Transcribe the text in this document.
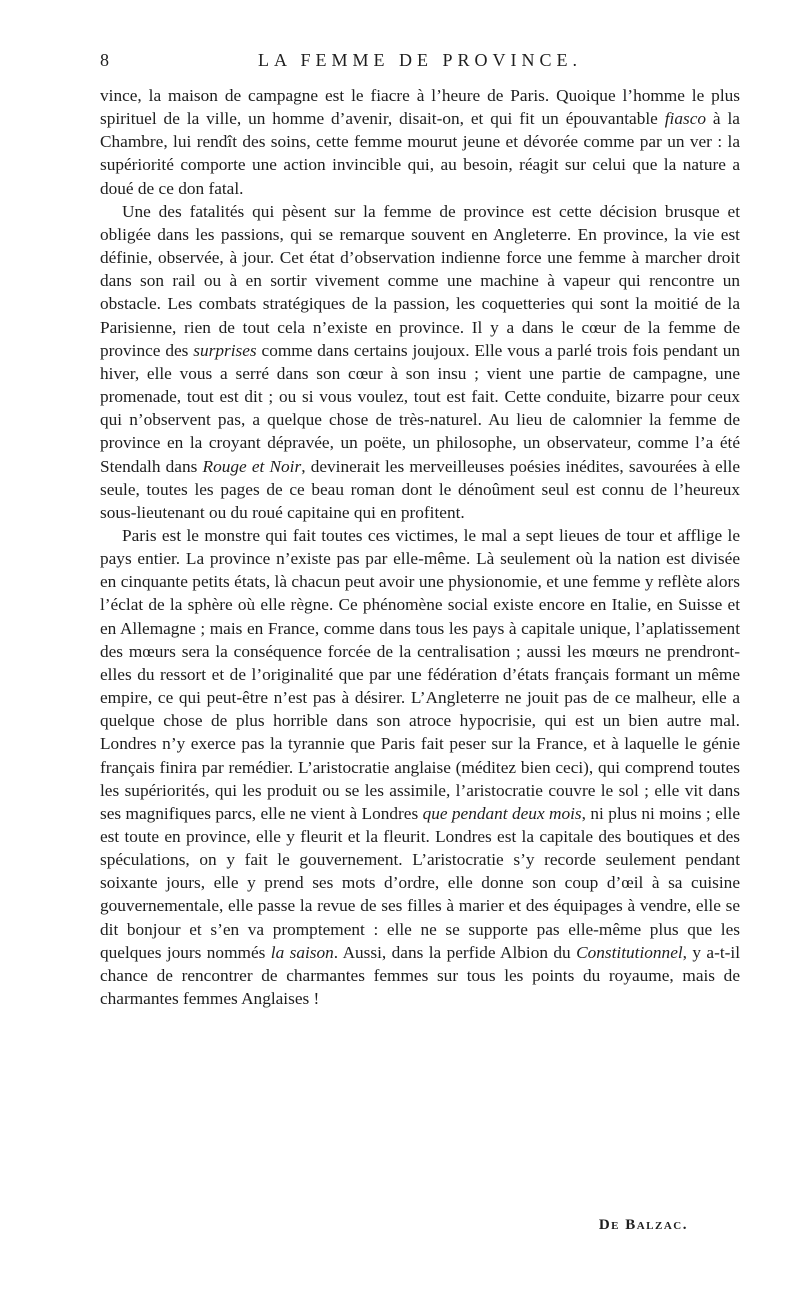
8	LA FEMME DE PROVINCE.

vince, la maison de campagne est le fiacre à l’heure de Paris. Quoique l’homme le plus spirituel de la ville, un homme d’avenir, disait-on, et qui fit un épouvantable fiasco à la Chambre, lui rendît des soins, cette femme mourut jeune et dévorée comme par un ver : la supériorité comporte une action invincible qui, au besoin, réagit sur celui que la nature a doué de ce don fatal.

Une des fatalités qui pèsent sur la femme de province est cette décision brusque et obligée dans les passions, qui se remarque souvent en Angleterre. En province, la vie est définie, observée, à jour. Cet état d’observation indienne force une femme à marcher droit dans son rail ou à en sortir vivement comme une machine à vapeur qui rencontre un obstacle. Les combats stratégiques de la passion, les coquetteries qui sont la moitié de la Parisienne, rien de tout cela n’existe en province. Il y a dans le cœur de la femme de province des surprises comme dans certains joujoux. Elle vous a parlé trois fois pendant un hiver, elle vous a serré dans son cœur à son insu ; vient une partie de campagne, une promenade, tout est dit ; ou si vous voulez, tout est fait. Cette conduite, bizarre pour ceux qui n’observent pas, a quelque chose de très-naturel. Au lieu de calomnier la femme de province en la croyant dépravée, un poëte, un philosophe, un observateur, comme l’a été Stendalh dans Rouge et Noir, devinerait les merveilleuses poésies inédites, savourées à elle seule, toutes les pages de ce beau roman dont le dénoûment seul est connu de l’heureux sous-lieutenant ou du roué capitaine qui en profitent.

Paris est le monstre qui fait toutes ces victimes, le mal a sept lieues de tour et afflige le pays entier. La province n’existe pas par elle-même. Là seulement où la nation est divisée en cinquante petits états, là chacun peut avoir une physionomie, et une femme y reflète alors l’éclat de la sphère où elle règne. Ce phénomène social existe encore en Italie, en Suisse et en Allemagne ; mais en France, comme dans tous les pays à capitale unique, l’aplatissement des mœurs sera la conséquence forcée de la centralisation ; aussi les mœurs ne prendront-elles du ressort et de l’originalité que par une fédération d’états français formant un même empire, ce qui peut-être n’est pas à désirer. L’Angleterre ne jouit pas de ce malheur, elle a quelque chose de plus horrible dans son atroce hypocrisie, qui est un bien autre mal. Londres n’y exerce pas la tyrannie que Paris fait peser sur la France, et à laquelle le génie français finira par remédier. L’aristocratie anglaise (méditez bien ceci), qui comprend toutes les supériorités, qui les produit ou se les assimile, l’aristocratie couvre le sol ; elle vit dans ses magnifiques parcs, elle ne vient à Londres que pendant deux mois, ni plus ni moins ; elle est toute en province, elle y fleurit et la fleurit. Londres est la capitale des boutiques et des spéculations, on y fait le gouvernement. L’aristocratie s’y recorde seulement pendant soixante jours, elle y prend ses mots d’ordre, elle donne son coup d’œil à sa cuisine gouvernementale, elle passe la revue de ses filles à marier et des équipages à vendre, elle se dit bonjour et s’en va promptement : elle ne se supporte pas elle-même plus que les quelques jours nommés la saison. Aussi, dans la perfide Albion du Constitutionnel, y a-t-il chance de rencontrer de charmantes femmes sur tous les points du royaume, mais de charmantes femmes Anglaises !

De Balzac.
